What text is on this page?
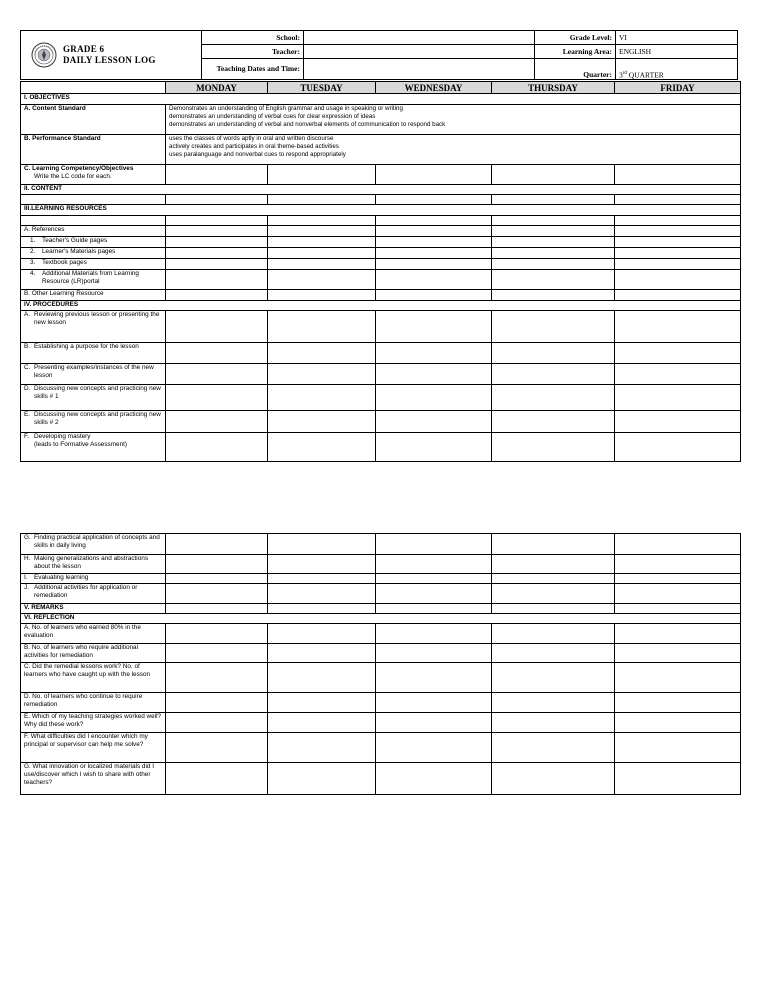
GRADE 6
DAILY LESSON LOG	School:		Grade Level:	VI
	Teacher:		Learning Area:	ENGLISH
	Teaching Dates and Time:		Quarter:	3rd QUARTER
	MONDAY	TUESDAY	WEDNESDAY	THURSDAY	FRIDAY
I. OBJECTIVES					
A. Content Standard	Demonstrates an understanding of English grammar and usage in speaking or writing
demonstrates an understanding of verbal cues for clear expression of ideas
demonstrates an understanding of verbal and nonverbal elements of communication to respond back				

B. Performance Standard	uses the classes of words aptly in oral and written discourse
actively creates and participates in oral theme-based activities
uses paralanguage and nonverbal cues to respond appropriately				

C. Learning Competency/Objectives
Write the LC code for each.					

II. CONTENT					

III.LEARNING RESOURCES					

A. References					

1. Teacher's Guide pages					

2. Learner's Materials pages					

3. Textbook pages					

4. Additional Materials from Learning Resource (LR)portal					

B. Other Learning Resource					
IV. PROCEDURES					

A. Reviewing previous lesson or presenting the new lesson					

B. Establishing a purpose for the lesson					

C. Presenting examples/instances of the new lesson					

D. Discussing new concepts and practicing new skills # 1					

E. Discussing new concepts and practicing new skills # 2					

F. Developing mastery
(leads to Formative Assessment)					

G. Finding practical application of concepts and skills in daily living					

H. Making generalizations and abstractions about the lesson					

I. Evaluating learning					

J. Additional activities for application or remediation					

V. REMARKS					
VI. REFLECTION					
A. No. of learners who earned 80% in the evaluation					
B. No. of learners who require additional activities for remediation					
C. Did the remedial lessons work? No. of learners who have caught up with the lesson					
D. No. of learners who continue to require remediation					
E. Which of my teaching strategies worked well? Why did these work?					
F. What difficulties did I encounter which my principal or supervisor can help me solve?					
G. What innovation or localized materials did I use/discover which I wish to share with other teachers?					
